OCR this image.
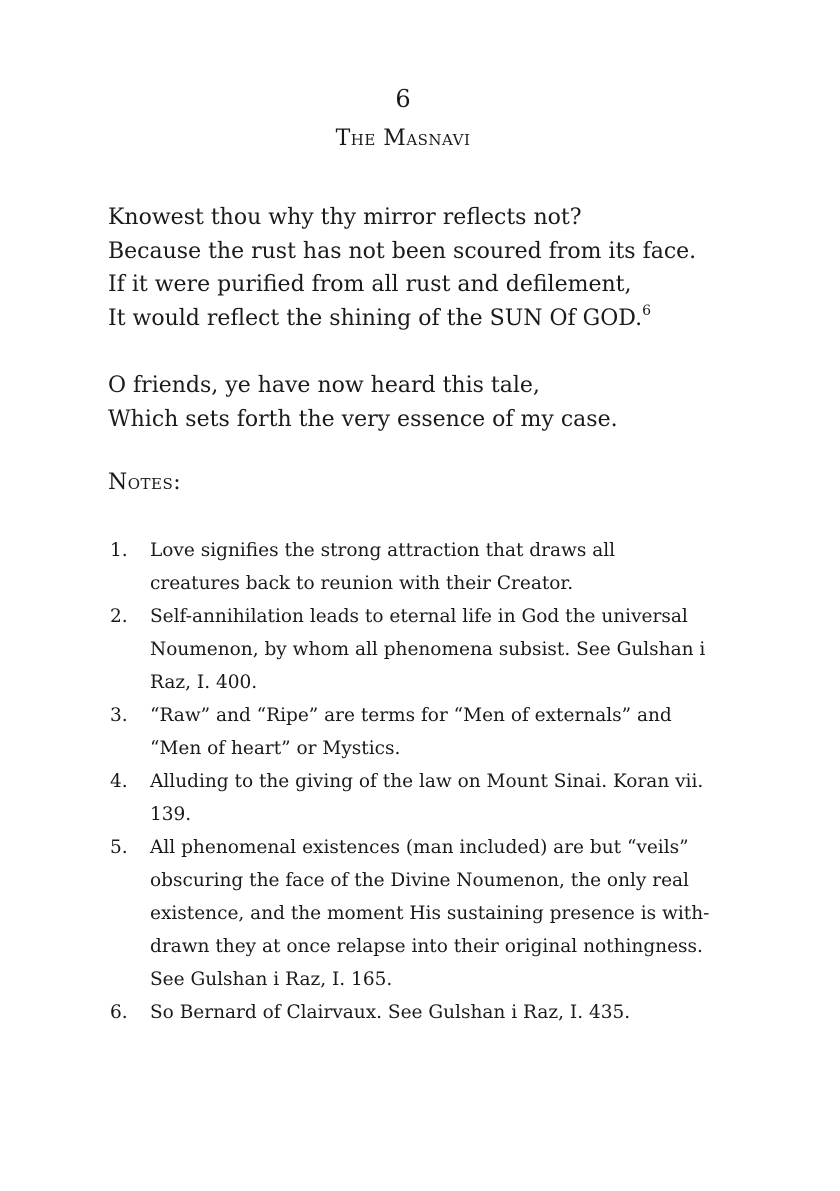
6
The Masnavi
Knowest thou why thy mirror reflects not?
Because the rust has not been scoured from its face.
If it were purified from all rust and defilement,
It would reflect the shining of the SUN Of GOD.$^6$
O friends, ye have now heard this tale,
Which sets forth the very essence of my case.
Notes:
1.	Love signifies the strong attraction that draws all creatures back to reunion with their Creator.
2.	Self-annihilation leads to eternal life in God the universal Noumenon, by whom all phenomena subsist. See Gulshan i Raz, I. 400.
3.	“Raw” and “Ripe” are terms for “Men of externals” and “Men of heart” or Mystics.
4.	Alluding to the giving of the law on Mount Sinai. Koran vii. 139.
5.	All phenomenal existences (man included) are but “veils” obscuring the face of the Divine Noumenon, the only real existence, and the moment His sustaining presence is with-drawn they at once relapse into their original nothingness. See Gulshan i Raz, I. 165.
6.	So Bernard of Clairvaux. See Gulshan i Raz, I. 435.
